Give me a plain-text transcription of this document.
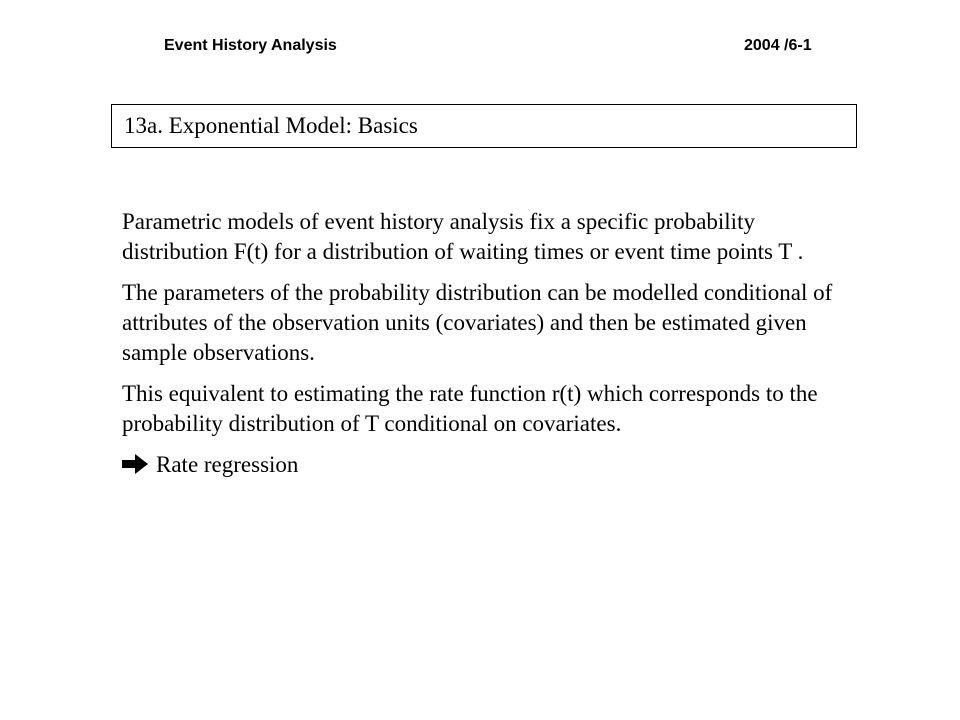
Event History Analysis	2004 /6-1
13a. Exponential Model: Basics

Parametric models of event history analysis fix a specific probability distribution F(t) for a distribution of waiting times or event time points T .

The parameters of the probability distribution can be modelled conditional of attributes of the observation units (covariates) and then be estimated given sample observations.

This equivalent to estimating the rate function r(t) which corresponds to the probability distribution of T conditional on covariates.

Rate regression
